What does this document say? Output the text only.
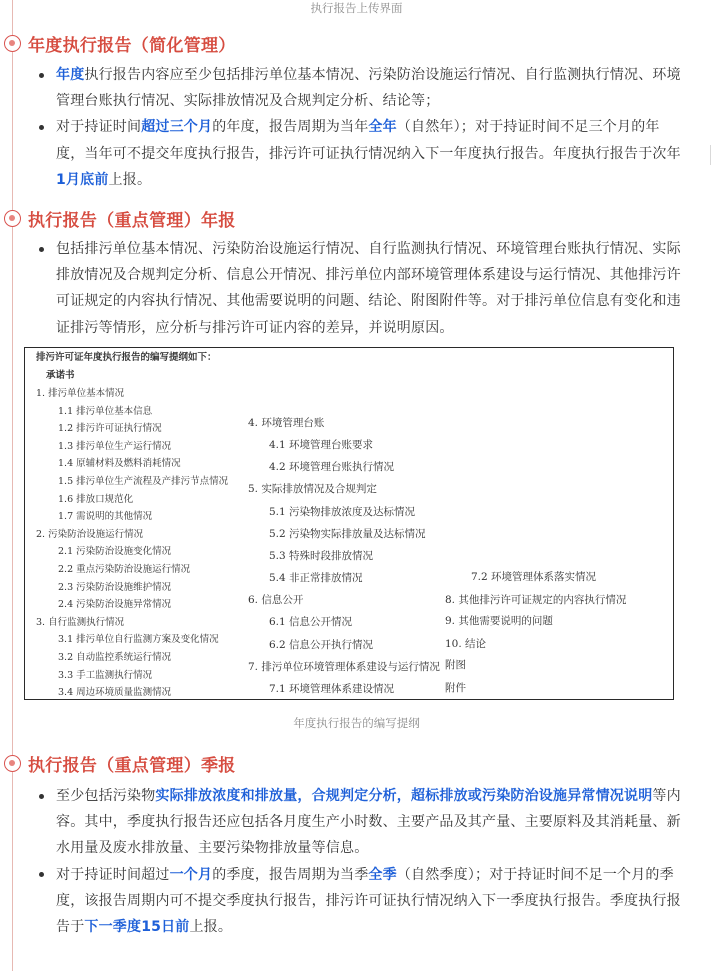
执行报告上传界面
年度执行报告（简化管理）
年度执行报告内容应至少包括排污单位基本情况、污染防治设施运行情况、自行监测执行情况、环境管理台账执行情况、实际排放情况及合规判定分析、结论等；
对于持证时间超过三个月的年度，报告周期为当年全年（自然年）；对于持证时间不足三个月的年度，当年可不提交年度执行报告，排污许可证执行情况纳入下一年度执行报告。年度执行报告于次年1月底前上报。
执行报告（重点管理）年报
包括排污单位基本情况、污染防治设施运行情况、自行监测执行情况、环境管理台账执行情况、实际排放情况及合规判定分析、信息公开情况、排污单位内部环境管理体系建设与运行情况、其他排污许可证规定的内容执行情况、其他需要说明的问题、结论、附图附件等。对于排污单位信息有变化和违证排污等情形，应分析与排污许可证内容的差异，并说明原因。
排污许可证年度执行报告的编写提纲如下：
承诺书
1. 排污单位基本情况
1.1 排污单位基本信息
1.2 排污许可证执行情况
1.3 排污单位生产运行情况
1.4 原辅材料及燃料消耗情况
1.5 排污单位生产流程及产排污节点情况
1.6 排放口规范化
1.7 需说明的其他情况
2. 污染防治设施运行情况
2.1 污染防治设施变化情况
2.2 重点污染防治设施运行情况
2.3 污染防治设施维护情况
2.4 污染防治设施异常情况
3. 自行监测执行情况
3.1 排污单位自行监测方案及变化情况
3.2 自动监控系统运行情况
3.3 手工监测执行情况
3.4 周边环境质量监测情况
4. 环境管理台账
4.1 环境管理台账要求
4.2 环境管理台账执行情况
5. 实际排放情况及合规判定
5.1 污染物排放浓度及达标情况
5.2 污染物实际排放量及达标情况
5.3 特殊时段排放情况
5.4 非正常排放情况
6. 信息公开
6.1 信息公开情况
6.2 信息公开执行情况
7. 排污单位环境管理体系建设与运行情况
7.1 环境管理体系建设情况
7.2 环境管理体系落实情况
8. 其他排污许可证规定的内容执行情况
9. 其他需要说明的问题
10. 结论
附图
附件
年度执行报告的编写提纲
执行报告（重点管理）季报
至少包括污染物实际排放浓度和排放量，合规判定分析，超标排放或污染防治设施异常情况说明等内容。其中，季度执行报告还应包括各月度生产小时数、主要产品及其产量、主要原料及其消耗量、新水用量及废水排放量、主要污染物排放量等信息。
对于持证时间超过一个月的季度，报告周期为当季全季（自然季度）；对于持证时间不足一个月的季度，该报告周期内可不提交季度执行报告，排污许可证执行情况纳入下一季度执行报告。季度执行报告于下一季度15日前上报。
